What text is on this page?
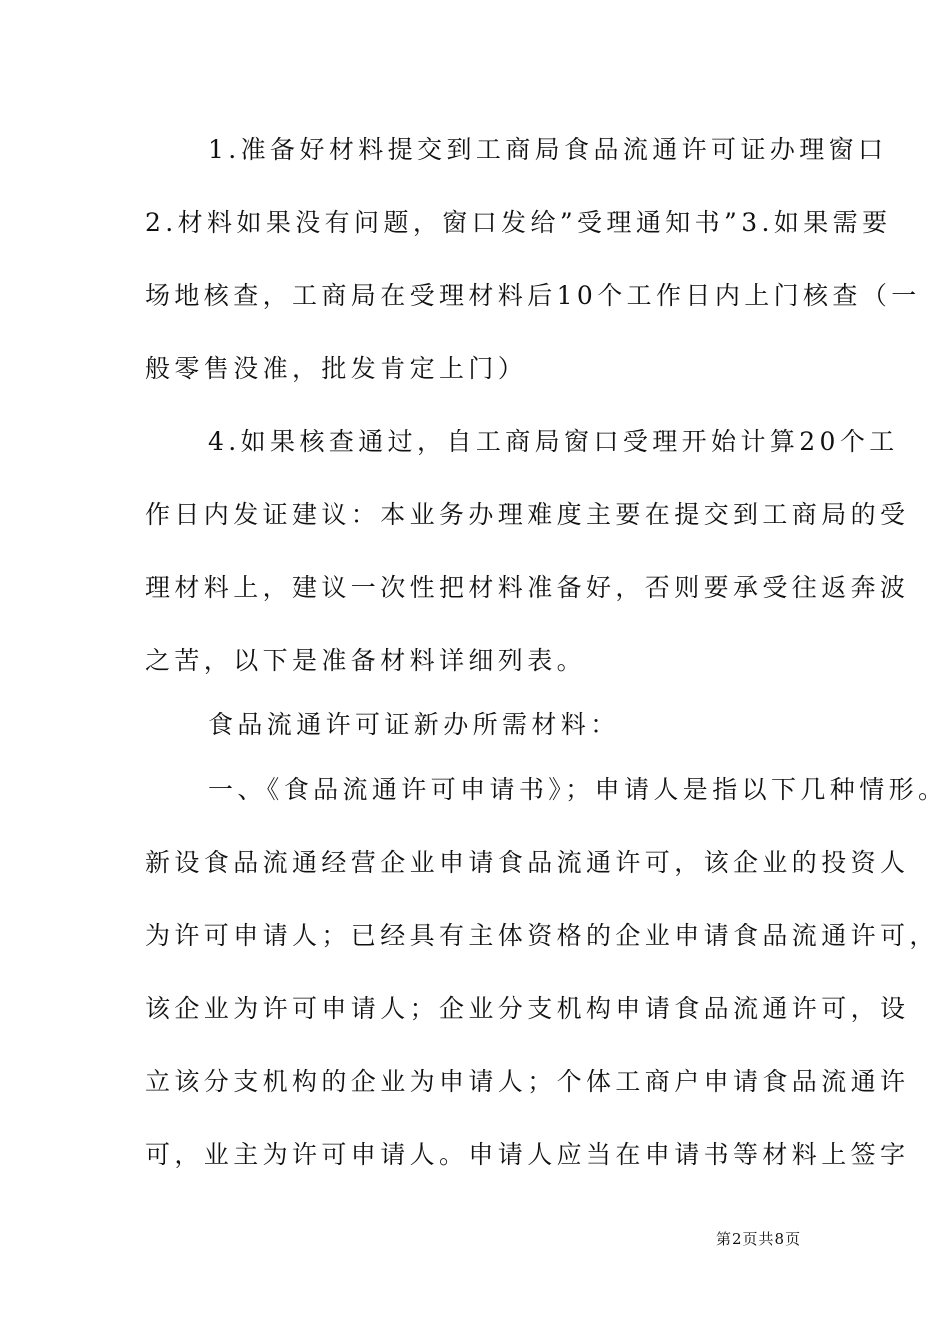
1.准备好材料提交到工商局食品流通许可证办理窗口
2.材料如果没有问题，窗口发给”受理通知书”3.如果需要
场地核查，工商局在受理材料后10个工作日内上门核查（一
般零售没准，批发肯定上门）
4.如果核查通过，自工商局窗口受理开始计算20个工
作日内发证建议：本业务办理难度主要在提交到工商局的受
理材料上，建议一次性把材料准备好，否则要承受往返奔波
之苦，以下是准备材料详细列表。
食品流通许可证新办所需材料：
一、《食品流通许可申请书》；申请人是指以下几种情形。
新设食品流通经营企业申请食品流通许可，该企业的投资人
为许可申请人；已经具有主体资格的企业申请食品流通许可，
该企业为许可申请人；企业分支机构申请食品流通许可，设
立该分支机构的企业为申请人；个体工商户申请食品流通许
可，业主为许可申请人。申请人应当在申请书等材料上签字
第2页共8页
